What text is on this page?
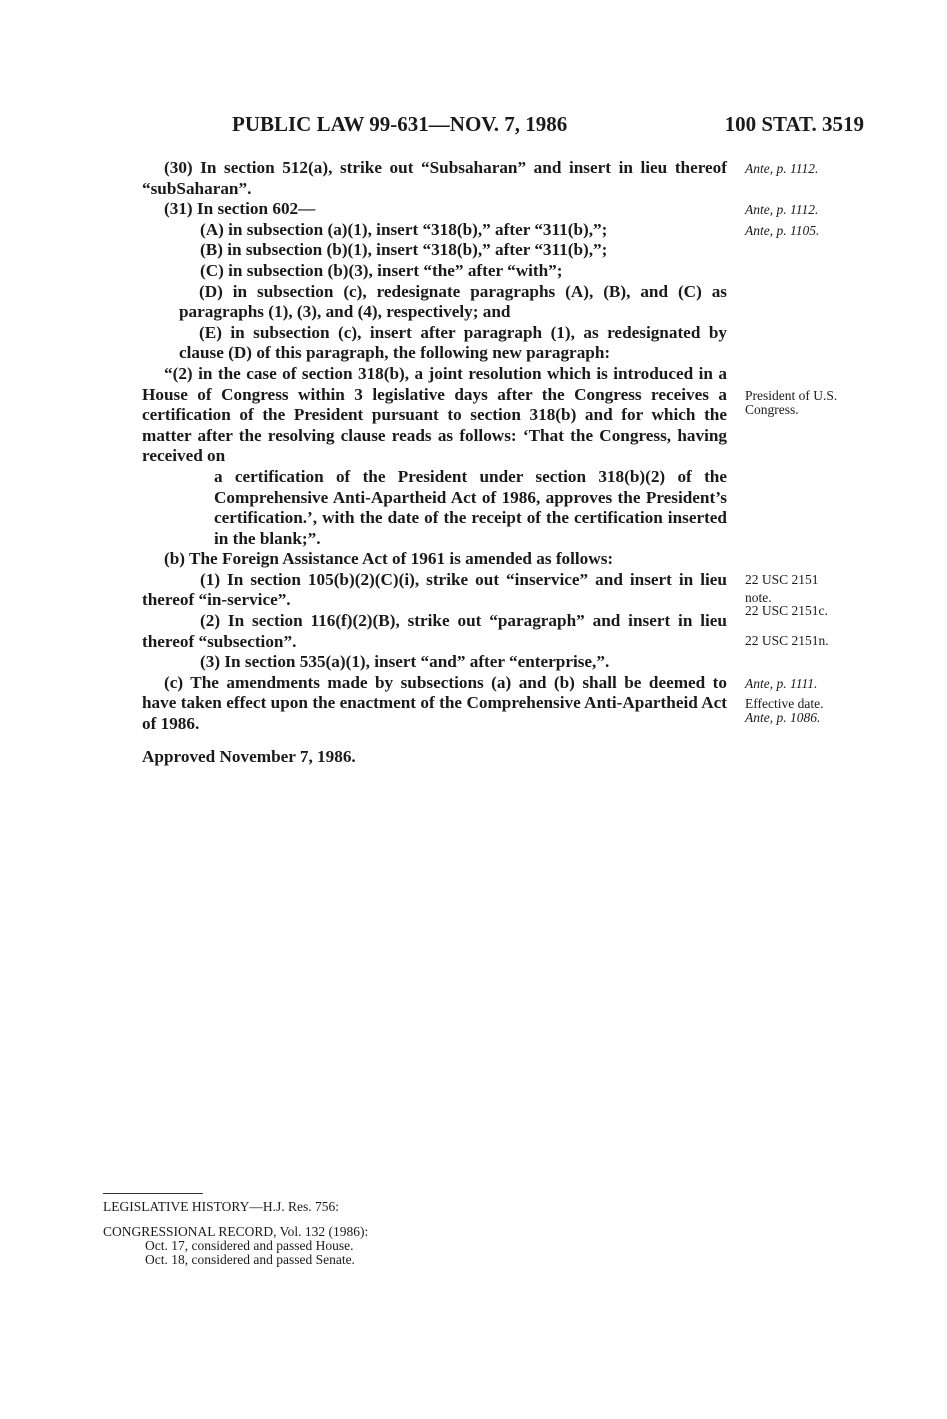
PUBLIC LAW 99-631—NOV. 7, 1986	100 STAT. 3519

(30) In section 512(a), strike out “Subsaharan” and insert in lieu thereof “subSaharan”.

(31) In section 602—

(A) in subsection (a)(1), insert “318(b),” after “311(b),”;

(B) in subsection (b)(1), insert “318(b),” after “311(b),”;

(C) in subsection (b)(3), insert “the” after “with”;

(D) in subsection (c), redesignate paragraphs (A), (B), and (C) as paragraphs (1), (3), and (4), respectively; and

(E) in subsection (c), insert after paragraph (1), as redesignated by clause (D) of this paragraph, the following new paragraph:

“(2) in the case of section 318(b), a joint resolution which is introduced in a House of Congress within 3 legislative days after the Congress receives a certification of the President pursuant to section 318(b) and for which the matter after the resolving clause reads as follows: ‘That the Congress, having received on

a certification of the President under section 318(b)(2) of the Comprehensive Anti-Apartheid Act of 1986, approves the President’s certification.’, with the date of the receipt of the certification inserted in the blank;”.

(b) The Foreign Assistance Act of 1961 is amended as follows:

(1) In section 105(b)(2)(C)(i), strike out “inservice” and insert in lieu thereof “in-service”.

(2) In section 116(f)(2)(B), strike out “paragraph” and insert in lieu thereof “subsection”.

(3) In section 535(a)(1), insert “and” after “enterprise,”.

(c) The amendments made by subsections (a) and (b) shall be deemed to have taken effect upon the enactment of the Comprehensive Anti-Apartheid Act of 1986.

Approved November 7, 1986.

Ante, p. 1112.
Ante, p. 1112.
Ante, p. 1105.
President of U.S.
Congress.
22 USC 2151
note.
22 USC 2151c.
22 USC 2151n.
Ante, p. 1111.
Effective date.
Ante, p. 1086.
LEGISLATIVE HISTORY—H.J. Res. 756:
CONGRESSIONAL RECORD, Vol. 132 (1986):
Oct. 17, considered and passed House.
Oct. 18, considered and passed Senate.
